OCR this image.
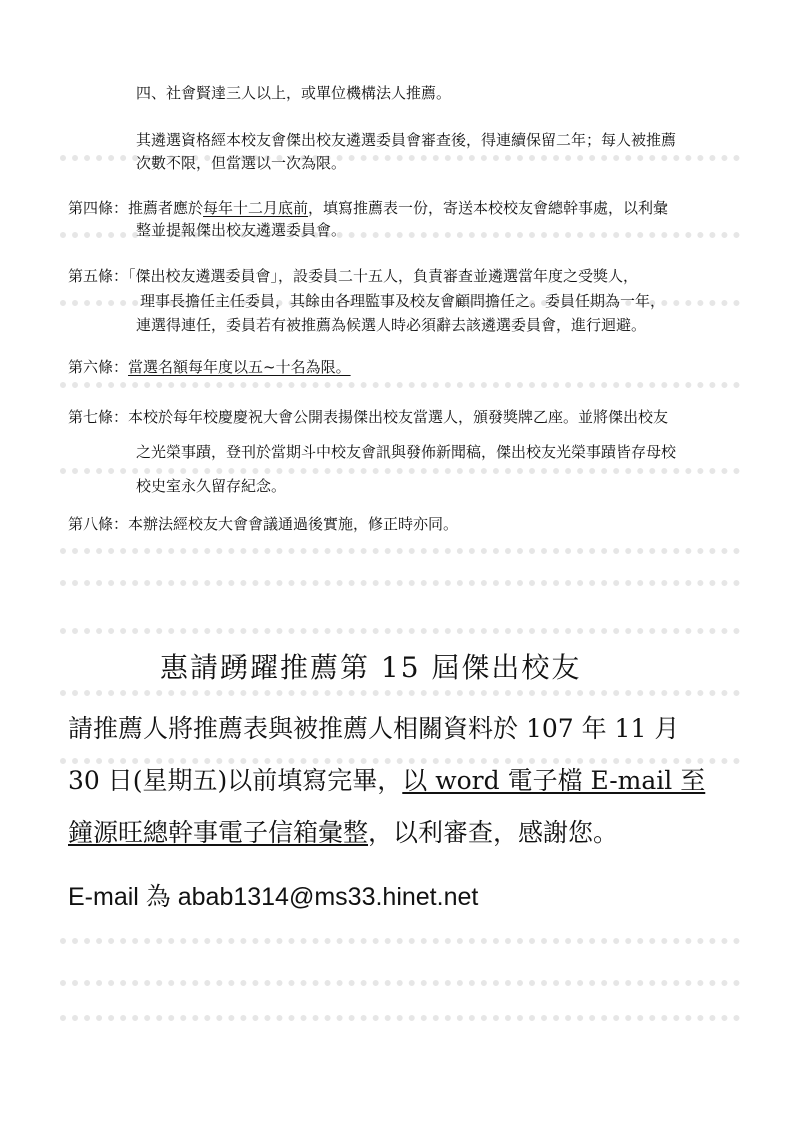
四、社會賢達三人以上，或單位機構法人推薦。
其遴選資格經本校友會傑出校友遴選委員會審查後，得連續保留二年；每人被推薦
次數不限，但當選以一次為限。
第四條：推薦者應於每年十二月底前，填寫推薦表一份，寄送本校校友會總幹事處，以利彙
整並提報傑出校友遴選委員會。
第五條：「傑出校友遴選委員會」，設委員二十五人，負責審查並遴選當年度之受獎人，
理事長擔任主任委員，其餘由各理監事及校友會顧問擔任之。委員任期為一年，
連選得連任，委員若有被推薦為候選人時必須辭去該遴選委員會，進行迴避。
第六條：當選名額每年度以五~十名為限。
第七條：本校於每年校慶慶祝大會公開表揚傑出校友當選人，頒發獎牌乙座。並將傑出校友
之光榮事蹟，登刊於當期斗中校友會訊與發佈新聞稿，傑出校友光榮事蹟皆存母校
校史室永久留存紀念。
第八條：本辦法經校友大會會議通過後實施，修正時亦同。
惠請踴躍推薦第 15 屆傑出校友
請推薦人將推薦表與被推薦人相關資料於 107 年 11 月
30 日(星期五)以前填寫完畢，以 word 電子檔 E-mail 至
鐘源旺總幹事電子信箱彙整，以利審查，感謝您。
E-mail 為 abab1314@ms33.hinet.net
